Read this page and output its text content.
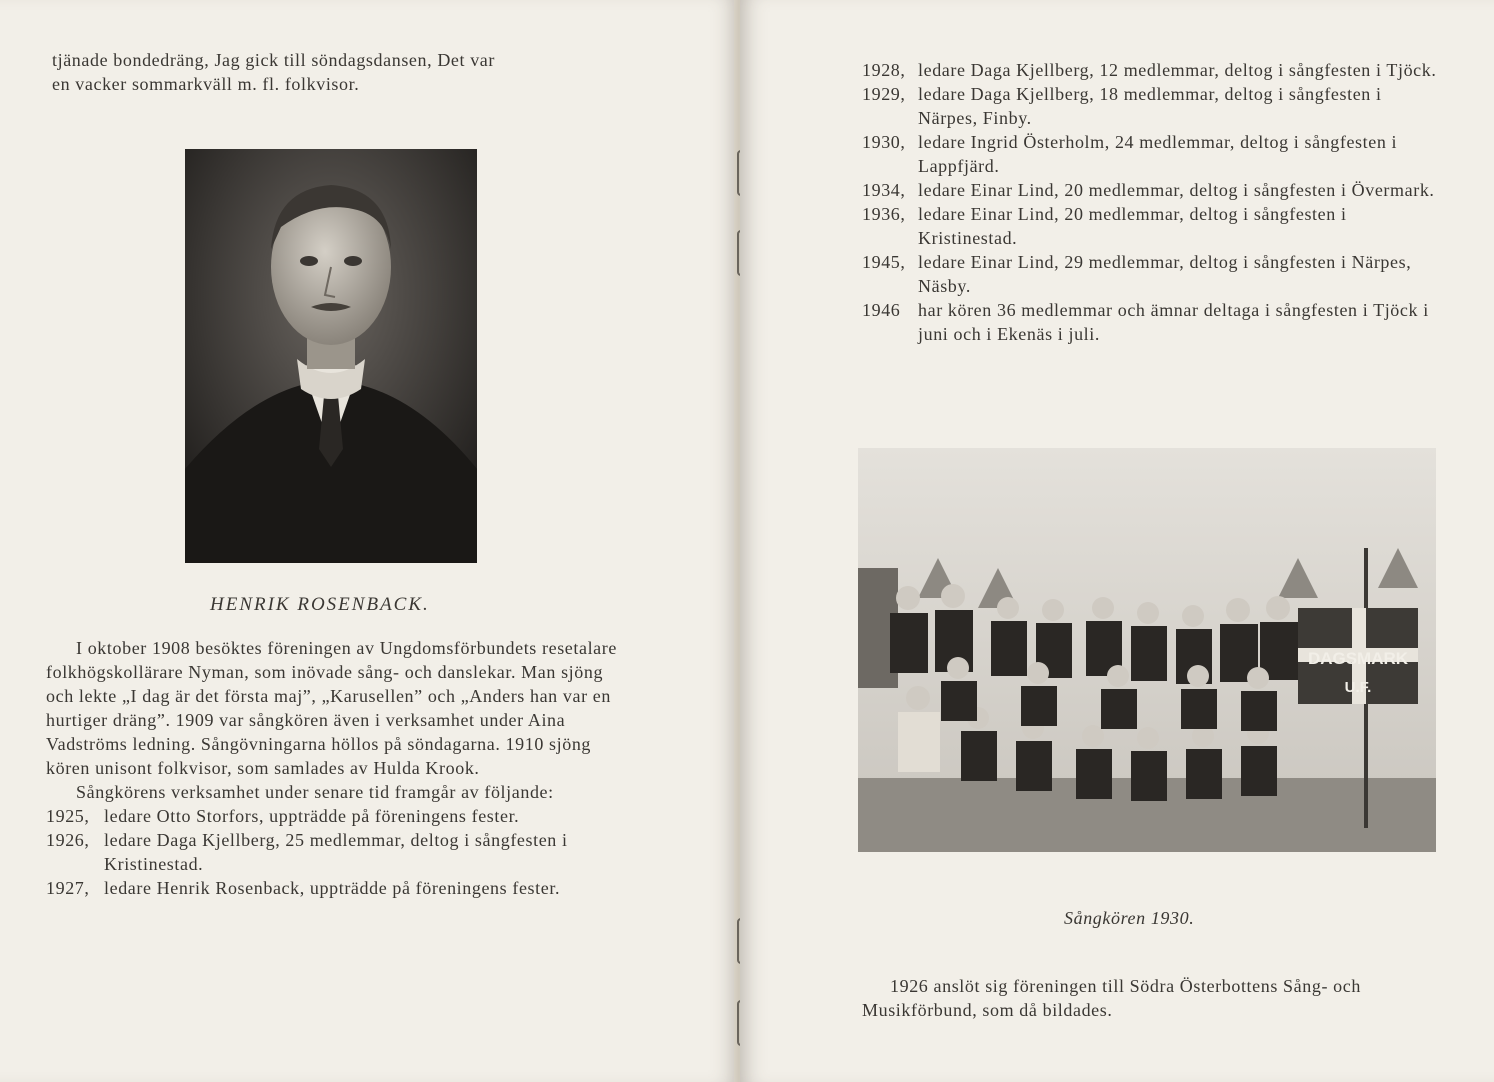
tjänade bondedräng, Jag gick till söndagsdansen, Det var
en vacker sommarkväll m. fl. folkvisor.
HENRIK ROSENBACK.

I oktober 1908 besöktes föreningen av Ungdomsförbundets resetalare folkhögskollärare Nyman, som inövade sång- och danslekar. Man sjöng och lekte „I dag är det första maj”, „Karusellen” och „Anders han var en hurtiger dräng”. 1909 var sångkören även i verksamhet under Aina Vadströms ledning. Sångövningarna höllos på söndagarna. 1910 sjöng kören unisont folkvisor, som samlades av Hulda Krook.

Sångkörens verksamhet under senare tid framgår av följande:

1925, ledare Otto Storfors, uppträdde på föreningens fester.
1926, ledare Daga Kjellberg, 25 medlemmar, deltog i sångfesten i Kristinestad.
1927, ledare Henrik Rosenback, uppträdde på föreningens fester.
1928, ledare Daga Kjellberg, 12 medlemmar, deltog i sångfesten i Tjöck.
1929, ledare Daga Kjellberg, 18 medlemmar, deltog i sångfesten i Närpes, Finby.
1930, ledare Ingrid Österholm, 24 medlemmar, deltog i sångfesten i Lappfjärd.
1934, ledare Einar Lind, 20 medlemmar, deltog i sångfesten i Övermark.
1936, ledare Einar Lind, 20 medlemmar, deltog i sångfesten i Kristinestad.
1945, ledare Einar Lind, 29 medlemmar, deltog i sångfesten i Närpes, Näsby.
1946 har kören 36 medlemmar och ämnar deltaga i sångfesten i Tjöck i juni och i Ekenäs i juli.
DAGSMARK
U.F.
Sångkören 1930.
1926 anslöt sig föreningen till Södra Österbottens Sång- och Musikförbund, som då bildades.
